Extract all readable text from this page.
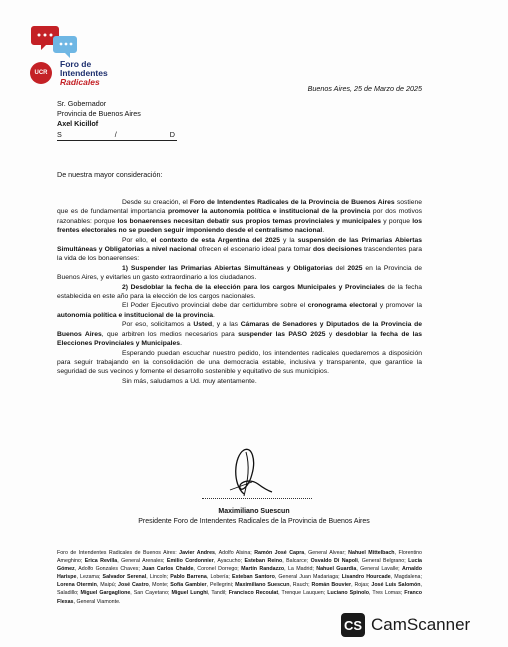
UCR
Foro de
Intendentes
Radicales
Buenos Aires, 25 de Marzo de 2025
Sr. Gobernador
Provincia de Buenos Aires
Axel Kicillof
S	/	D
De nuestra mayor consideración:

Desde su creación, el Foro de Intendentes Radicales de la Provincia de Buenos Aires sostiene que es de fundamental importancia promover la autonomía política e institucional de la provincia por dos motivos razonables: porque los bonaerenses necesitan debatir sus propios temas provinciales y municipales y porque los frentes electorales no se pueden seguir imponiendo desde el centralismo nacional.

Por ello, el contexto de esta Argentina del 2025 y la suspensión de las Primarias Abiertas Simultáneas y Obligatorias a nivel nacional ofrecen el escenario ideal para tomar dos decisiones trascendentes para la vida de los bonaerenses:

1) Suspender las Primarias Abiertas Simultáneas y Obligatorias del 2025 en la Provincia de Buenos Aires, y evitarles un gasto extraordinario a los ciudadanos.

2) Desdoblar la fecha de la elección para los cargos Municipales y Provinciales de la fecha establecida en este año para la elección de los cargos nacionales.

El Poder Ejecutivo provincial debe dar certidumbre sobre el cronograma electoral y promover la autonomía política e institucional de la provincia.

Por eso, solicitamos a Usted, y a las Cámaras de Senadores y Diputados de la Provincia de Buenos Aires, que arbitren los medios necesarios para suspender las PASO 2025 y desdoblar la fecha de las Elecciones Provinciales y Municipales.

Esperando puedan escuchar nuestro pedido, los intendentes radicales quedaremos a disposición para seguir trabajando en la consolidación de una democracia estable, inclusiva y transparente, que garantice la seguridad de sus vecinos y fomente el desarrollo sostenible y equitativo de sus municipios.

Sin más, saludamos a Ud. muy atentamente.

Maximiliano Suescun
Presidente Foro de Intendentes Radicales de la Provincia de Buenos Aires
Foro de Intendentes Radicales de Buenos Aires: Javier Andres, Adolfo Alsina; Ramón José Capra, General Alvear; Nahuel Mittelbach, Florentino Ameghino; Erica Revilla, General Arenales; Emilio Cordonnier, Ayacucho; Esteban Reino, Balcarce; Osvaldo Di Napoli, General Belgrano; Lucía Gómez, Adolfo Gonzales Chaves; Juan Carlos Chalde, Coronel Dorrego; Martín Randazzo, La Madrid; Nahuel Guardia, General Lavalle; Arnaldo Harispe, Lezama; Salvador Serenal, Lincoln; Pablo Barrena, Lobería; Esteban Santoro, General Juan Madariaga; Lisandro Hourcade, Magdalena; Lorena Otermin, Maipú; José Castro, Monte; Sofía Gambier, Pellegrini; Maximiliano Suescun, Rauch; Román Bouvier, Rojas; José Luis Salomón, Saladillo; Miguel Gargaglione, San Cayetano; Miguel Lunghi, Tandil; Francisco Recoulat, Trenque Lauquen; Luciano Spinolo, Tres Lomas; Franco Flexas, General Viamonte.
CS CamScanner
